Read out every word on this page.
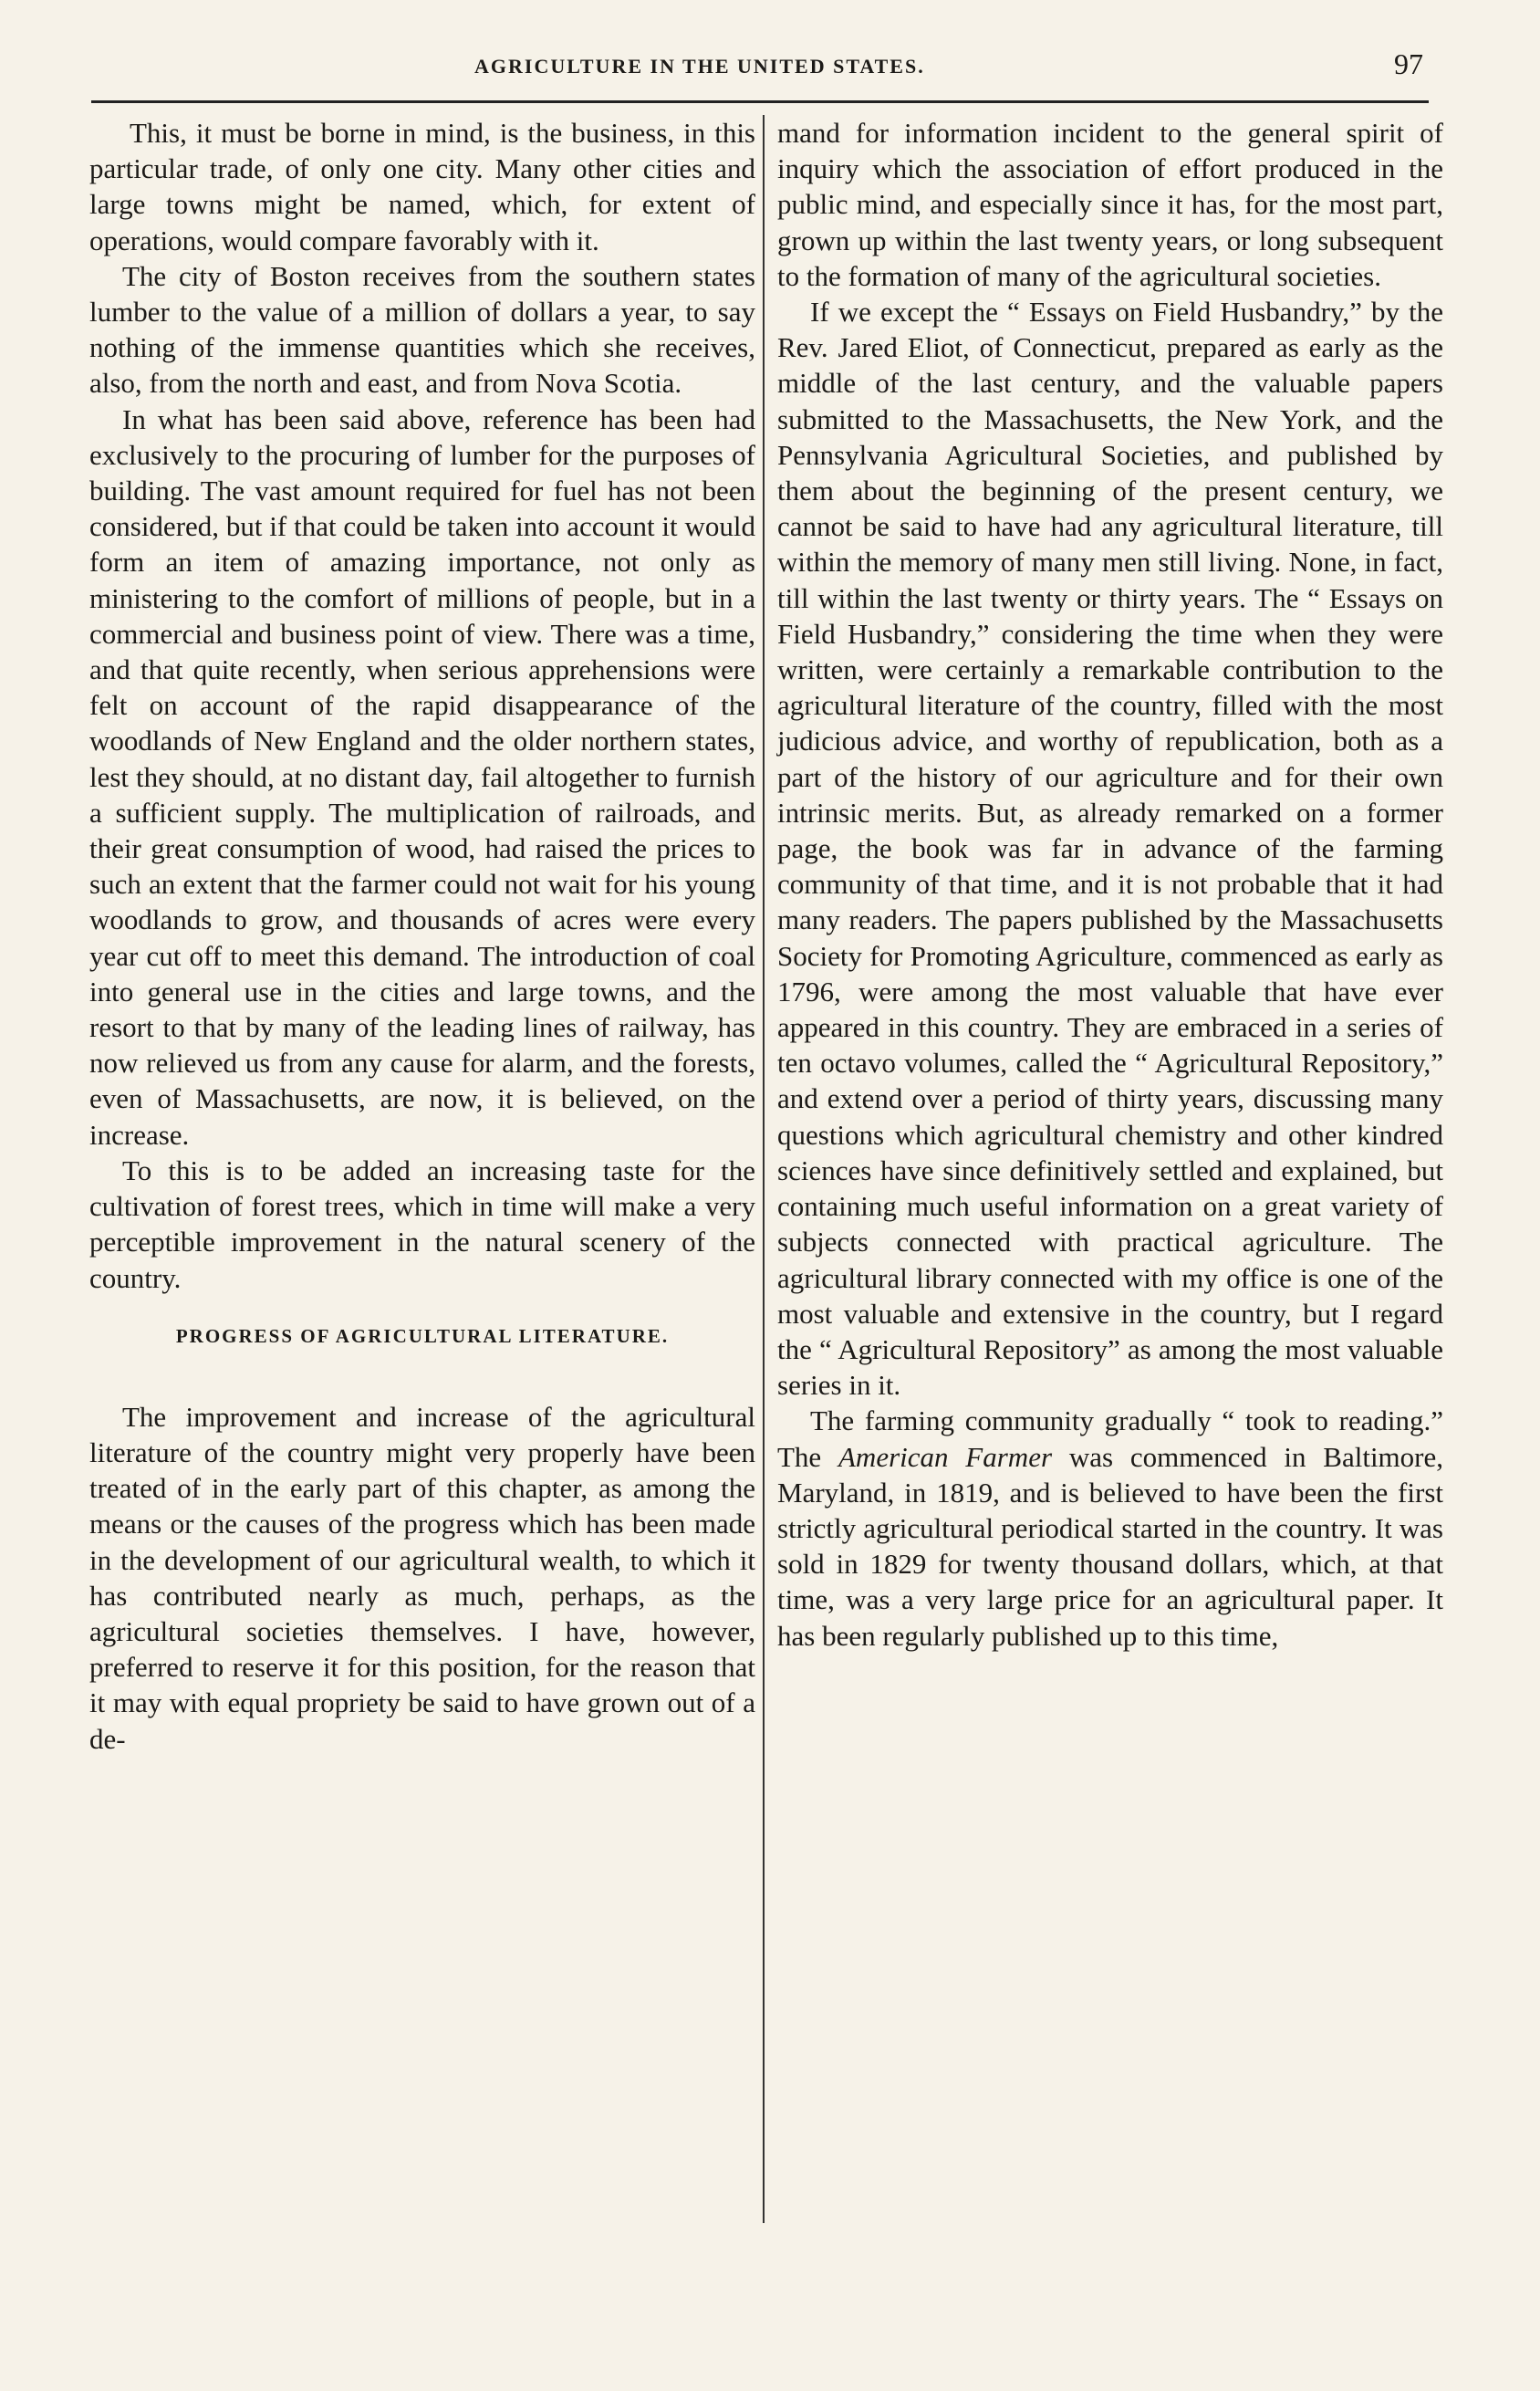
AGRICULTURE IN THE UNITED STATES.	97

This, it must be borne in mind, is the business, in this particular trade, of only one city. Many other cities and large towns might be named, which, for extent of operations, would compare favorably with it.

The city of Boston receives from the southern states lumber to the value of a million of dollars a year, to say nothing of the immense quantities which she receives, also, from the north and east, and from Nova Scotia.

In what has been said above, reference has been had exclusively to the procuring of lumber for the purposes of building. The vast amount required for fuel has not been considered, but if that could be taken into account it would form an item of amazing importance, not only as ministering to the comfort of millions of people, but in a commercial and business point of view. There was a time, and that quite recently, when serious apprehensions were felt on account of the rapid disappearance of the woodlands of New England and the older northern states, lest they should, at no distant day, fail altogether to furnish a sufficient supply. The multiplication of railroads, and their great consumption of wood, had raised the prices to such an extent that the farmer could not wait for his young woodlands to grow, and thousands of acres were every year cut off to meet this demand. The introduction of coal into general use in the cities and large towns, and the resort to that by many of the leading lines of railway, has now relieved us from any cause for alarm, and the forests, even of Massachusetts, are now, it is believed, on the increase.

To this is to be added an increasing taste for the cultivation of forest trees, which in time will make a very perceptible improvement in the natural scenery of the country.

PROGRESS OF AGRICULTURAL LITERATURE.

The improvement and increase of the agricultural literature of the country might very properly have been treated of in the early part of this chapter, as among the means or the causes of the progress which has been made in the development of our agricultural wealth, to which it has contributed nearly as much, perhaps, as the agricultural societies themselves. I have, however, preferred to reserve it for this position, for the reason that it may with equal propriety be said to have grown out of a de-

mand for information incident to the general spirit of inquiry which the association of effort produced in the public mind, and especially since it has, for the most part, grown up within the last twenty years, or long subsequent to the formation of many of the agricultural societies.

If we except the “ Essays on Field Husbandry,” by the Rev. Jared Eliot, of Connecticut, prepared as early as the middle of the last century, and the valuable papers submitted to the Massachusetts, the New York, and the Pennsylvania Agricultural Societies, and published by them about the beginning of the present century, we cannot be said to have had any agricultural literature, till within the memory of many men still living. None, in fact, till within the last twenty or thirty years. The “ Essays on Field Husbandry,” considering the time when they were written, were certainly a remarkable contribution to the agricultural literature of the country, filled with the most judicious advice, and worthy of republication, both as a part of the history of our agriculture and for their own intrinsic merits. But, as already remarked on a former page, the book was far in advance of the farming community of that time, and it is not probable that it had many readers. The papers published by the Massachusetts Society for Promoting Agriculture, commenced as early as 1796, were among the most valuable that have ever appeared in this country. They are embraced in a series of ten octavo volumes, called the “ Agricultural Repository,” and extend over a period of thirty years, discussing many questions which agricultural chemistry and other kindred sciences have since definitively settled and explained, but containing much useful information on a great variety of subjects connected with practical agriculture. The agricultural library connected with my office is one of the most valuable and extensive in the country, but I regard the “ Agricultural Repository” as among the most valuable series in it.

The farming community gradually “ took to reading.” The American Farmer was commenced in Baltimore, Maryland, in 1819, and is believed to have been the first strictly agricultural periodical started in the country. It was sold in 1829 for twenty thousand dollars, which, at that time, was a very large price for an agricultural paper. It has been regularly published up to this time,
